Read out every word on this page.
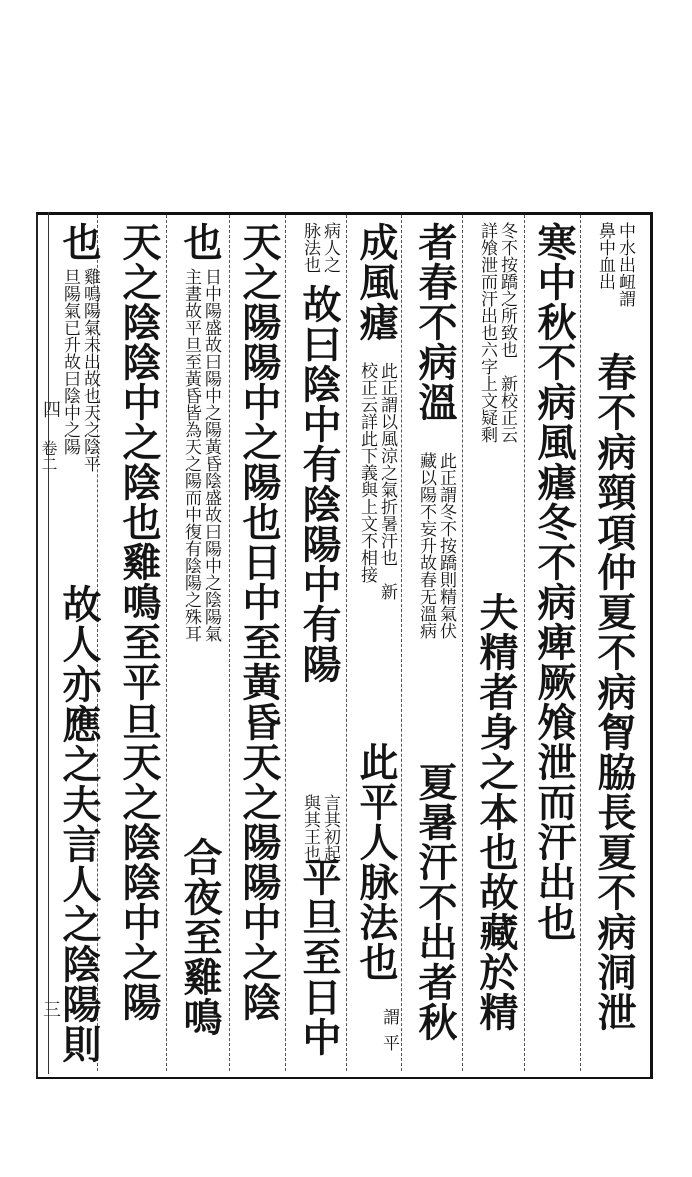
中水出衄謂
鼻中血出
春不病頸項仲夏不病胷脇長夏不病洞泄
寒中秋不病風瘧冬不病痺厥飧泄而汗出也
冬不按蹻之所致也　新校正云
詳飧泄而汗出也六字上文疑剩
夫精者身之本也故藏於精
者春不病溫
此正謂冬不按蹻則精氣伏
藏以陽不妄升故春无溫病
夏暑汗不出者秋
成風瘧
此正謂以風涼之氣折暑汗也　新
校正云詳此下義與上文不相接
此平人脉法也
謂
平
病人之
脉法也
故曰陰中有陰陽中有陽
言其初起
與其王也
平旦至日中
天之陽陽中之陽也日中至黃昏天之陽陽中之陰
也
日中陽盛故曰陽中之陽黃昏陰盛故曰陽中之陰陽氣
主晝故平旦至黃昏皆為天之陽而中復有陰陽之殊耳
合夜至雞鳴
天之陰陰中之陰也雞鳴至平旦天之陰陰中之陽
也
雞鳴陽氣未出故也天之陰平
旦陽氣已升故曰陰中之陽
故人亦應之夫言人之陰陽則
四
卷二
三
